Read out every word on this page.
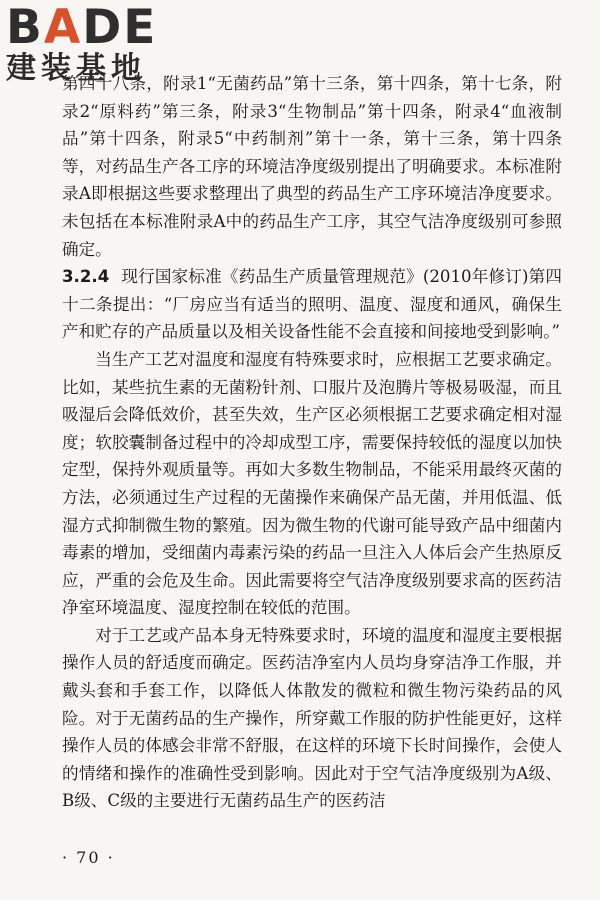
BADE
建装基地

第四十八条，附录1“无菌药品”第十三条，第十四条，第十七条，附录2“原料药”第三条，附录3“生物制品”第十四条，附录4“血液制品”第十四条，附录5“中药制剂”第十一条，第十三条，第十四条等，对药品生产各工序的环境洁净度级别提出了明确要求。本标准附录A即根据这些要求整理出了典型的药品生产工序环境洁净度要求。未包括在本标准附录A中的药品生产工序，其空气洁净度级别可参照确定。

3.2.4 现行国家标准《药品生产质量管理规范》(2010年修订)第四十二条提出：“厂房应当有适当的照明、温度、湿度和通风，确保生产和贮存的产品质量以及相关设备性能不会直接和间接地受到影响。”

当生产工艺对温度和湿度有特殊要求时，应根据工艺要求确定。比如，某些抗生素的无菌粉针剂、口服片及泡腾片等极易吸湿，而且吸湿后会降低效价，甚至失效，生产区必须根据工艺要求确定相对湿度；软胶囊制备过程中的冷却成型工序，需要保持较低的湿度以加快定型，保持外观质量等。再如大多数生物制品，不能采用最终灭菌的方法，必须通过生产过程的无菌操作来确保产品无菌，并用低温、低湿方式抑制微生物的繁殖。因为微生物的代谢可能导致产品中细菌内毒素的增加，受细菌内毒素污染的药品一旦注入人体后会产生热原反应，严重的会危及生命。因此需要将空气洁净度级别要求高的医药洁净室环境温度、湿度控制在较低的范围。

对于工艺或产品本身无特殊要求时，环境的温度和湿度主要根据操作人员的舒适度而确定。医药洁净室内人员均身穿洁净工作服，并戴头套和手套工作，以降低人体散发的微粒和微生物污染药品的风险。对于无菌药品的生产操作，所穿戴工作服的防护性能更好，这样操作人员的体感会非常不舒服，在这样的环境下长时间操作，会使人的情绪和操作的准确性受到影响。因此对于空气洁净度级别为A级、B级、C级的主要进行无菌药品生产的医药洁

· 70 ·
